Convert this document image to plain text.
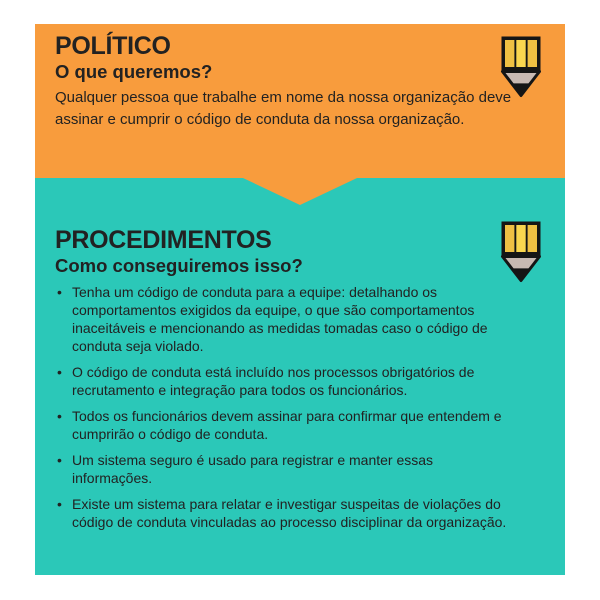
POLÍTICO
O que queremos?

Qualquer pessoa que trabalhe em nome da nossa organização deve assinar e cumprir o código de conduta da nossa organização.

PROCEDIMENTOS
Como conseguiremos isso?
• Tenha um código de conduta para a equipe: detalhando os comportamentos exigidos da equipe, o que são comportamentos inaceitáveis e mencionando as medidas tomadas caso o código de conduta seja violado.
• O código de conduta está incluído nos processos obrigatórios de recrutamento e integração para todos os funcionários.
• Todos os funcionários devem assinar para confirmar que entendem e cumprirão o código de conduta.
• Um sistema seguro é usado para registrar e manter essas informações.
• Existe um sistema para relatar e investigar suspeitas de violações do código de conduta vinculadas ao processo disciplinar da organização.
